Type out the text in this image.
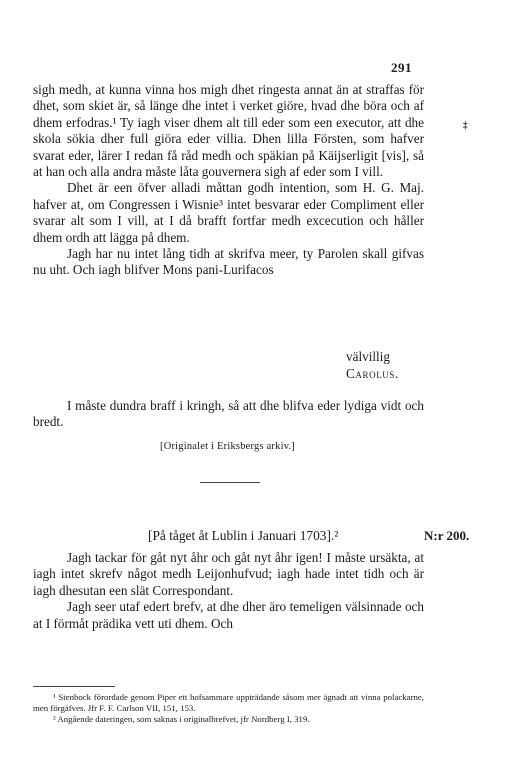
291
‡

sigh medh, at kunna vinna hos migh dhet ringesta annat än at straffas för dhet, som skiet är, så länge dhe intet i verket giöre, hvad dhe böra och af dhem erfodras.¹ Ty iagh viser dhem alt till eder som een executor, att dhe skola sökia dher full giöra eder villia. Dhen lilla Försten, som hafver svarat eder, lärer I redan få råd medh och späkian på Käijserligit [vis], så at han och alla andra måste låta gouvernera sigh af eder som I vill.

Dhet är een öfver alladi måttan godh intention, som H. G. Maj. hafver at, om Congressen i Wisnie³ intet besvarar eder Compliment eller svarar alt som I vill, at I då brafft fortfar medh excecution och håller dhem ordh att lägga på dhem.

Jagh har nu intet lång tidh at skrifva meer, ty Parolen skall gifvas nu uht. Och iagh blifver Mons pani-Lurifacos

välvillig
Carolus.

I måste dundra braff i kringh, så att dhe blifva eder lydiga vidt och bredt.

[Originalet i Eriksbergs arkiv.]
[På tåget åt Lublin i Januari 1703].²	N:r 200.

Jagh tackar för gåt nyt åhr och gåt nyt åhr igen! I måste ursäkta, at iagh intet skrefv något medh Leijonhufvud; iagh hade intet tidh och är iagh dhesutan een slät Correspondant.

Jagh seer utaf edert brefv, at dhe dher äro temeligen välsinnade och at I förmåt prädika vett uti dhem. Och

¹ Stenbock förordade genom Piper ett hofsammare uppträdande såsom mer ägnadt att vinna polackarne, men förgäfves. Jfr F. F. Carlson VII, 151, 153.

² Angående dateringen, som saknas i originalbrefvet, jfr Nordberg I, 319.
